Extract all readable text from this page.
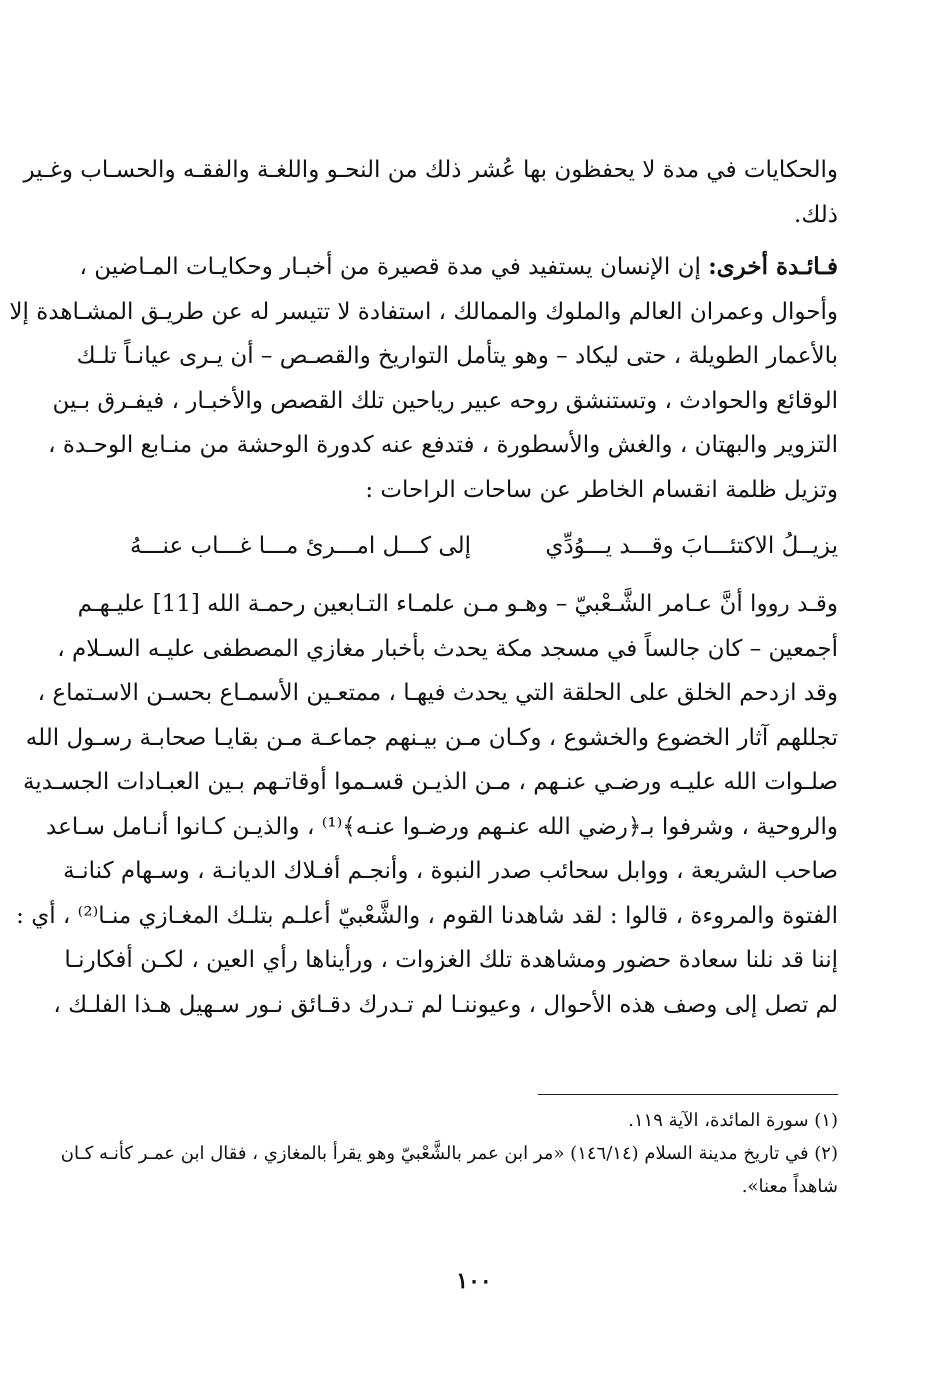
والحكايات في مدة لا يحفظون بها عُشر ذلك من النحـو واللغـة والفقـه والحسـاب وغـير
ذلك.

فـائـدة أخرى: إن الإنسان يستفيد في مدة قصيرة من أخبـار وحكايـات المـاضين ،
وأحوال وعمران العالم والملوك والممالك ، استفادة لا تتيسر له عن طريـق المشـاهدة إلا
بالأعمار الطويلة ، حتى ليكاد – وهو يتأمل التواريخ والقصـص – أن يـرى عيانـاً تلـك
الوقائع والحوادث ، وتستنشق روحه عبير رياحين تلك القصص والأخبـار ، فيفـرق بـين
التزوير والبهتان ، والغش والأسطورة ، فتدفع عنه كدورة الوحشة من منـابع الوحـدة ،
وتزيل ظلمة انقسام الخاطر عن ساحات الراحات :

يزيــلُ الاكتئـــابَ وقـــد يـــوُدِّي
إلى كـــل امـــرئ مـــا غـــاب عنـــهُ

وقـد رووا أنَّ عـامر الشَّـعْبيّ – وهـو مـن علمـاء التـابعين رحمـة الله [11] عليـهـم
أجمعين – كان جالساً في مسجد مكة يحدث بأخبار مغازي المصطفى عليـه السـلام ،
وقد ازدحم الخلق على الحلقة التي يحدث فيهـا ، ممتعـين الأسمـاع بحسـن الاسـتماع ،
تجللهم آثار الخضوع والخشوع ، وكـان مـن بيـنهم جماعـة مـن بقايـا صحابـة رسـول الله
صلـوات الله عليـه ورضـي عنـهم ، مـن الذيـن قسـموا أوقاتـهم بـين العبـادات الجسـدية
والروحية ، وشرفوا بـ﴿رضي الله عنـهم ورضـوا عنـه﴾⁽¹⁾ ، والذيـن كـانوا أنـامل سـاعد
صاحب الشريعة ، ووابل سحائب صدر النبوة ، وأنجـم أفـلاك الديانـة ، وسـهام كنانـة
الفتوة والمروءة ، قالوا : لقد شاهدنا القوم ، والشَّعْبيّ أعلـم بتلـك المغـازي منـا⁽²⁾ ، أي :
إننا قد نلنا سعادة حضور ومشاهدة تلك الغزوات ، ورأيناها رأي العين ، لكـن أفكارنـا
لم تصل إلى وصف هذه الأحوال ، وعيوننـا لم تـدرك دقـائق نـور سـهيل هـذا الفلـك ،

(١) سورة المائدة، الآية ١١٩.

(٢) في تاريخ مدينة السلام (١٤٦/١٤) «مر ابن عمر بالشَّعْبيّ وهو يقرأ بالمغازي ، فقال ابن عمـر كأنـه كـان
شاهداً معنا».

١٠٠
